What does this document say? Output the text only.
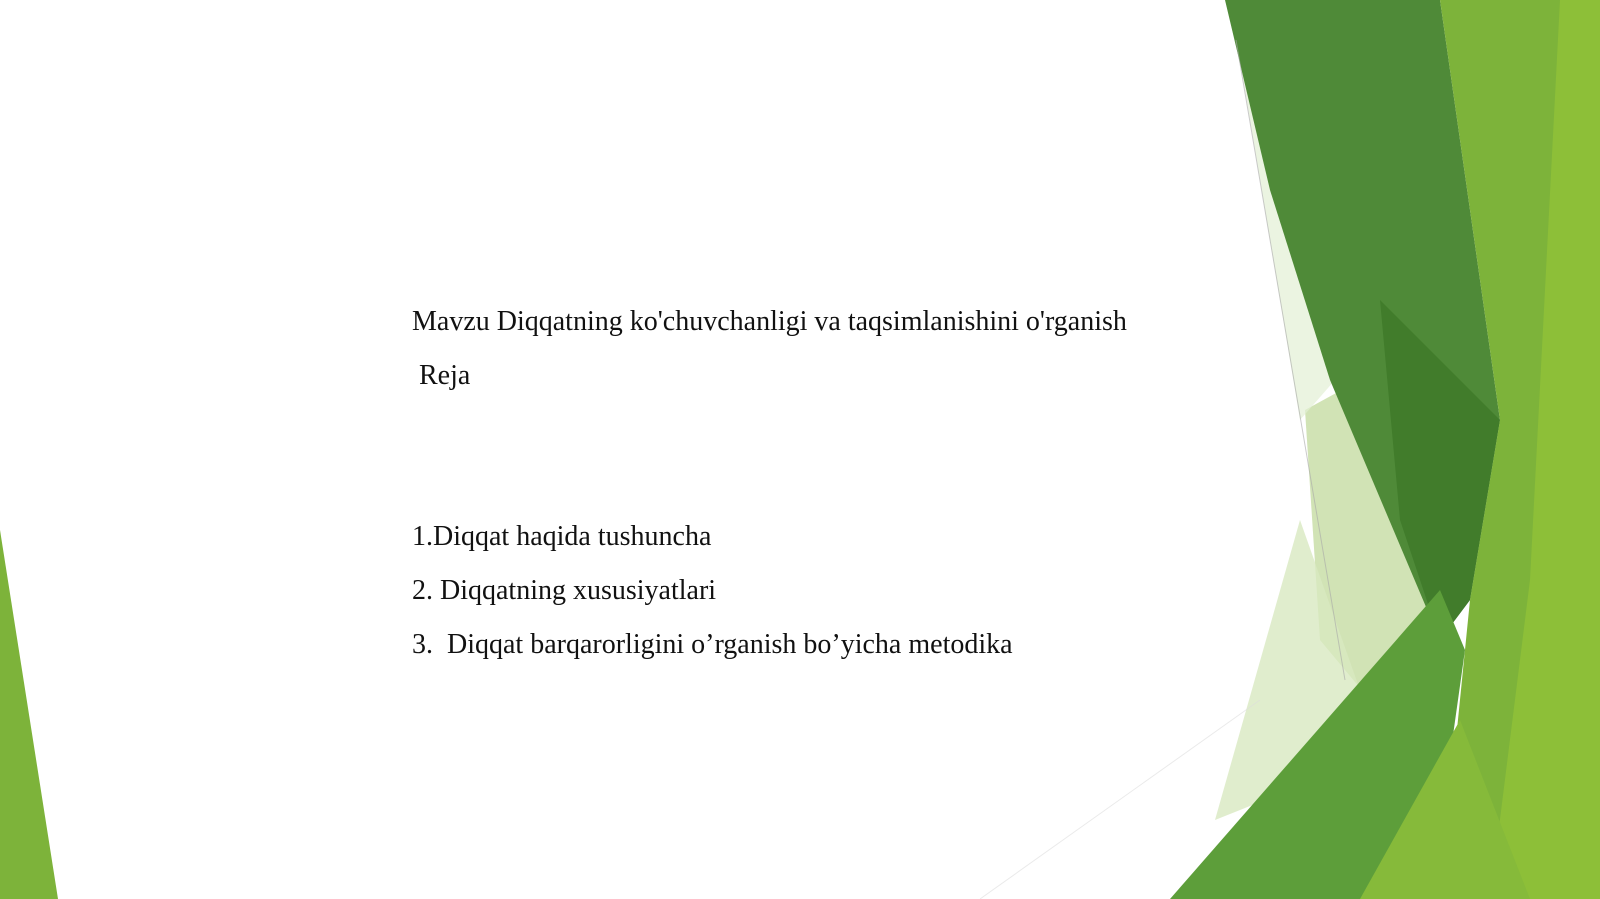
Mavzu Diqqatning ko'chuvchanligi va taqsimlanishini o'rganish
Reja
1.Diqqat haqida tushuncha
2. Diqqatning xususiyatlari
3.  Diqqat barqarorligini o’rganish bo’yicha metodika
